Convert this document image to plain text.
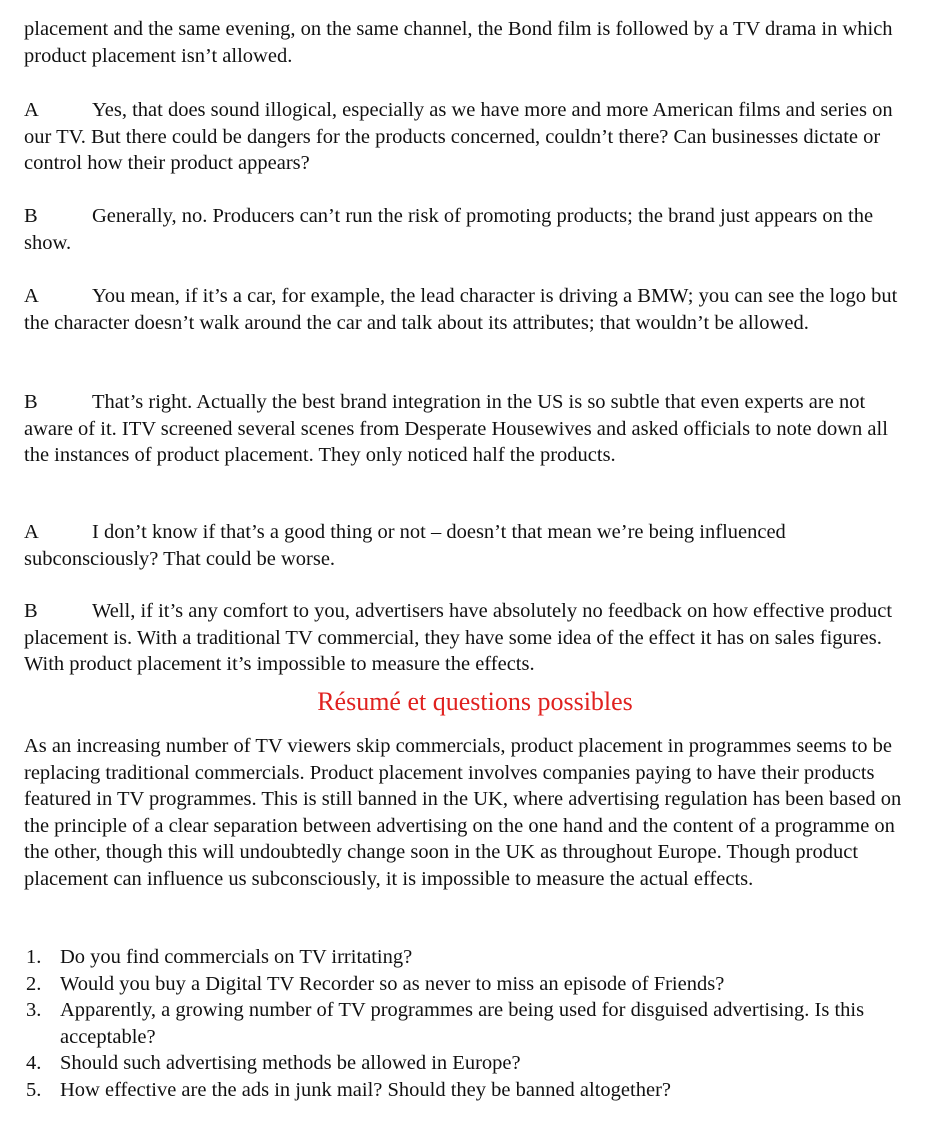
placement and the same evening, on the same channel, the Bond film is followed by a TV drama in which product placement isn’t allowed.

A	Yes, that does sound illogical, especially as we have more and more American films and series on our TV. But there could be dangers for the products concerned, couldn’t there? Can businesses dictate or control how their product appears?

B	Generally, no. Producers can’t run the risk of promoting products; the brand just appears on the show.

A	You mean, if it’s a car, for example, the lead character is driving a BMW; you can see the logo but the character doesn’t walk around the car and talk about its attributes; that wouldn’t be allowed.

B	That’s right. Actually the best brand integration in the US is so subtle that even experts are not aware of it. ITV screened several scenes from Desperate Housewives and asked officials to note down all the instances of product placement. They only noticed half the products.

A	I don’t know if that’s a good thing or not – doesn’t that mean we’re being influenced subconsciously? That could be worse.

B	Well, if it’s any comfort to you, advertisers have absolutely no feedback on how effective product placement is. With a traditional TV commercial, they have some idea of the effect it has on sales figures. With product placement it’s impossible to measure the effects.

Résumé et questions possibles

As an increasing number of TV viewers skip commercials, product placement in programmes seems to be replacing traditional commercials. Product placement involves companies paying to have their products featured in TV programmes. This is still banned in the UK, where advertising regulation has been based on the principle of a clear separation between advertising on the one hand and the content of a programme on the other, though this will undoubtedly change soon in the UK as throughout Europe. Though product placement can influence us subconsciously, it is impossible to measure the actual effects.

1. Do you find commercials on TV irritating?
2. Would you buy a Digital TV Recorder so as never to miss an episode of Friends?
3. Apparently, a growing number of TV programmes are being used for disguised advertising. Is this acceptable?
4. Should such advertising methods be allowed in Europe?
5. How effective are the ads in junk mail? Should they be banned altogether?
